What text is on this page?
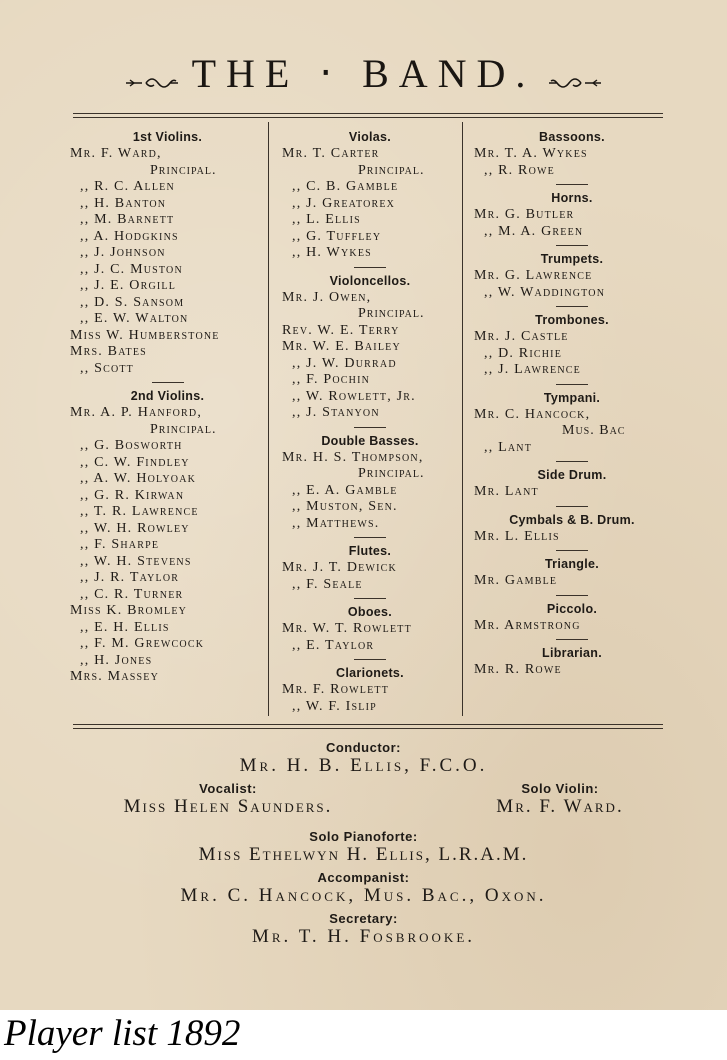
THE ‧ BAND.
1st Violins.
Mr. F. Ward,
Principal.
,, R. C. Allen
,, H. Banton
,, M. Barnett
,, A. Hodgkins
,, J. Johnson
,, J. C. Muston
,, J. E. Orgill
,, D. S. Sansom
,, E. W. Walton
Miss W. Humberstone
Mrs. Bates
,, Scott
2nd Violins.
Mr. A. P. Hanford,
Principal.
,, G. Bosworth
,, C. W. Findley
,, A. W. Holyoak
,, G. R. Kirwan
,, T. R. Lawrence
,, W. H. Rowley
,, F. Sharpe
,, W. H. Stevens
,, J. R. Taylor
,, C. R. Turner
Miss K. Bromley
,, E. H. Ellis
,, F. M. Grewcock
,, H. Jones
Mrs. Massey
Violas.
Mr. T. Carter
Principal.
,, C. B. Gamble
,, J. Greatorex
,, L. Ellis
,, G. Tuffley
,, H. Wykes
Violoncellos.
Mr. J. Owen,
Principal.
Rev. W. E. Terry
Mr. W. E. Bailey
,, J. W. Durrad
,, F. Pochin
,, W. Rowlett, Jr.
,, J. Stanyon
Double Basses.
Mr. H. S. Thompson,
Principal.
,, E. A. Gamble
,, Muston, Sen.
,, Matthews.
Flutes.
Mr. J. T. Dewick
,, F. Seale
Oboes.
Mr. W. T. Rowlett
,, E. Taylor
Clarionets.
Mr. F. Rowlett
,, W. F. Islip
Bassoons.
Mr. T. A. Wykes
,, R. Rowe
Horns.
Mr. G. Butler
,, M. A. Green
Trumpets.
Mr. G. Lawrence
,, W. Waddington
Trombones.
Mr. J. Castle
,, D. Richie
,, J. Lawrence
Tympani.
Mr. C. Hancock,
Mus. Bac
,, Lant
Side Drum.
Mr. Lant
Cymbals & B. Drum.
Mr. L. Ellis
Triangle.
Mr. Gamble
Piccolo.
Mr. Armstrong
Librarian.
Mr. R. Rowe
Conductor:
Mr. H. B. Ellis, F.C.O.
Vocalist:
Miss Helen Saunders.
Solo Violin:
Mr. F. Ward.
Solo Pianoforte:
Miss Ethelwyn H. Ellis, L.R.A.M.
Accompanist:
Mr. C. Hancock, Mus. Bac., Oxon.
Secretary:
Mr. T. H. Fosbrooke.
Player list 1892
